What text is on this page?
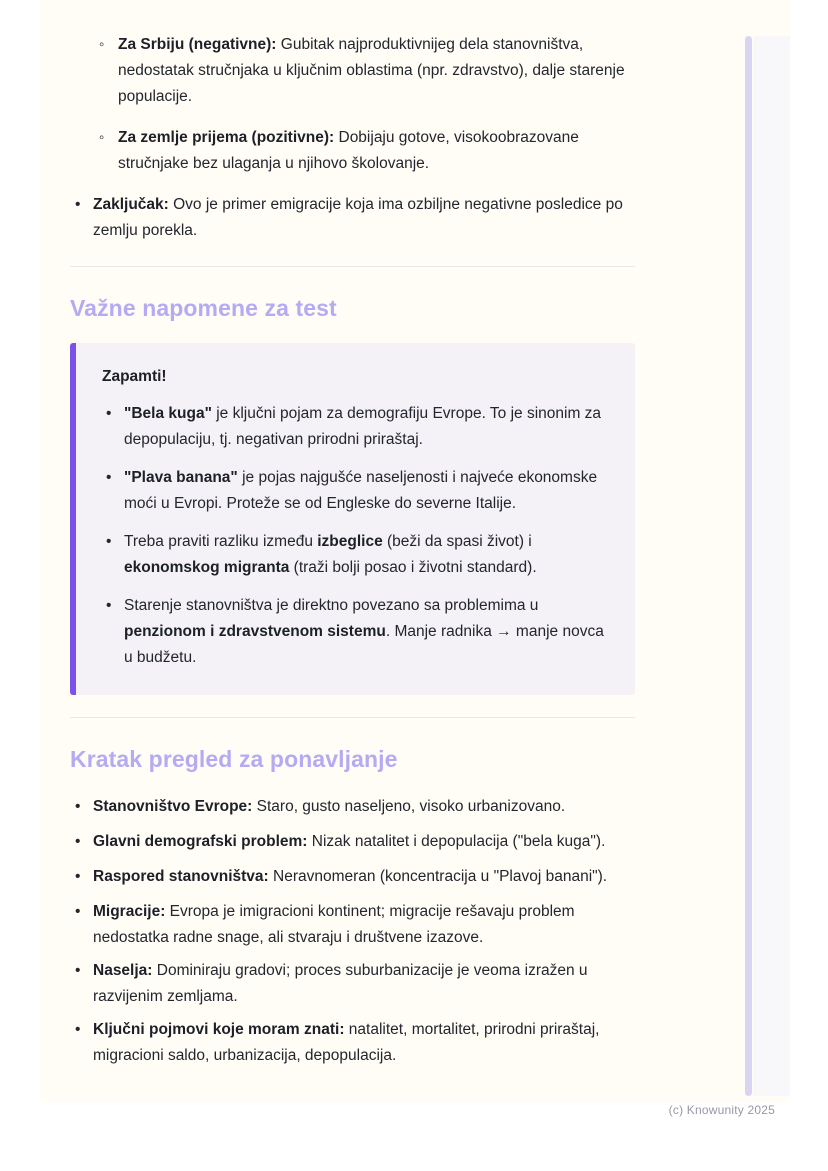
◦ Za Srbiju (negativne): Gubitak najproduktivnijeg dela stanovništva, nedostatak stručnjaka u ključnim oblastima (npr. zdravstvo), dalje starenje populacije.
◦ Za zemlje prijema (pozitivne): Dobijaju gotove, visokoobrazovane stručnjake bez ulaganja u njihovo školovanje.
• Zaključak: Ovo je primer emigracije koja ima ozbiljne negativne posledice po zemlju porekla.
Važne napomene za test

Zapamti!

• "Bela kuga" je ključni pojam za demografiju Evrope. To je sinonim za depopulaciju, tj. negativan prirodni priraštaj.
• "Plava banana" je pojas najgušće naseljenosti i najveće ekonomske moći u Evropi. Proteže se od Engleske do severne Italije.
• Treba praviti razliku između izbeglice (beži da spasi život) i ekonomskog migranta (traži bolji posao i životni standard).
• Starenje stanovništva je direktno povezano sa problemima u penzionom i zdravstvenom sistemu. Manje radnika → manje novca u budžetu.
Kratak pregled za ponavljanje
• Stanovništvo Evrope: Staro, gusto naseljeno, visoko urbanizovano.
• Glavni demografski problem: Nizak natalitet i depopulacija ("bela kuga").
• Raspored stanovništva: Neravnomeran (koncentracija u "Plavoj banani").
• Migracije: Evropa je imigracioni kontinent; migracije rešavaju problem nedostatka radne snage, ali stvaraju i društvene izazove.
• Naselja: Dominiraju gradovi; proces suburbanizacije je veoma izražen u razvijenim zemljama.
• Ključni pojmovi koje moram znati: natalitet, mortalitet, prirodni priraštaj, migracioni saldo, urbanizacija, depopulacija.
(c) Knowunity 2025
